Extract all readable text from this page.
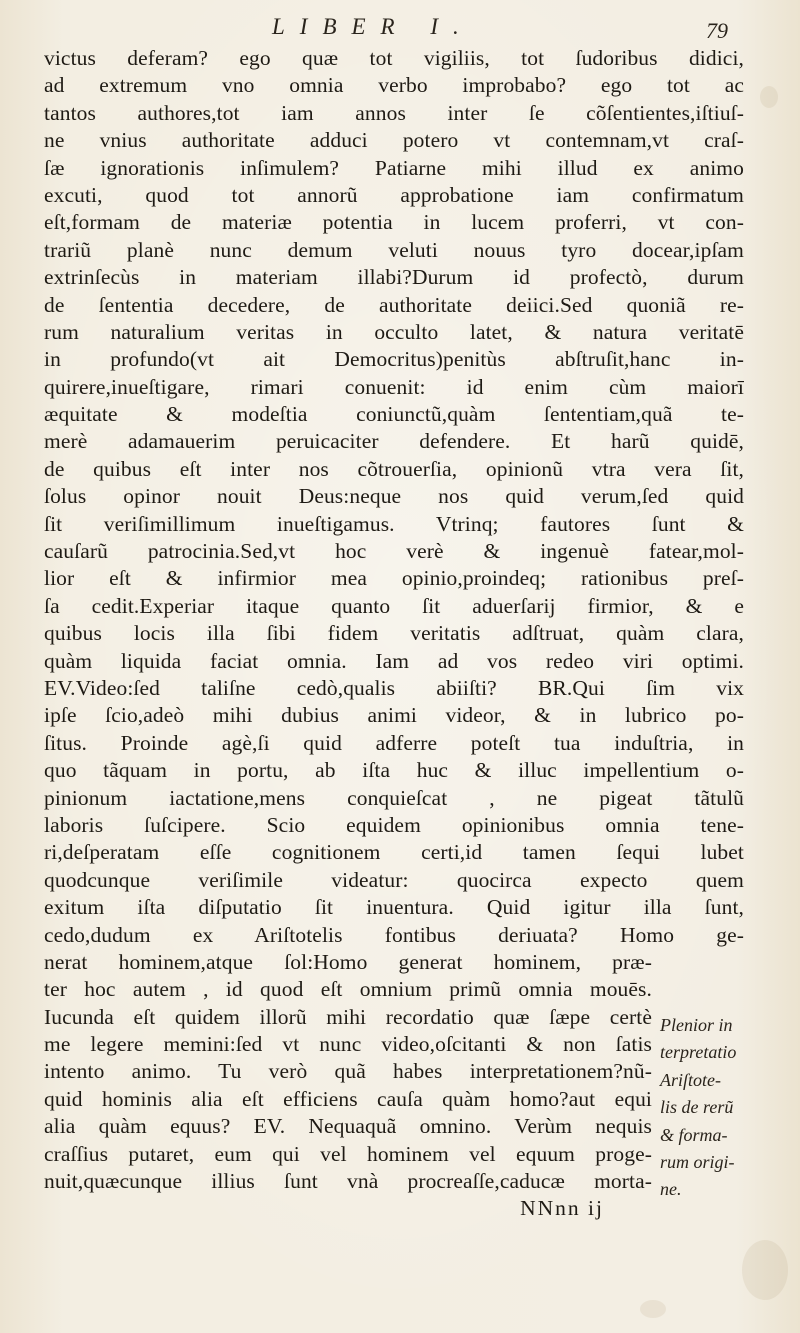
LIBER I.	79
victus deferam? ego quæ tot vigiliis, tot ſudoribus didici,
ad extremum vno omnia verbo improbabo? ego tot ac
tantos authores,tot iam annos inter ſe cõſentientes,iſtiuſ-
ne vnius authoritate adduci potero vt contemnam,vt craſ-
ſæ ignorationis inſimulem? Patiarne mihi illud ex animo
excuti, quod tot annorũ approbatione iam confirmatum
eſt,formam de materiæ potentia in lucem proferri, vt con-
trariũ planè nunc demum veluti nouus tyro docear,ipſam
extrinſecùs in materiam illabi?Durum id profectò, durum
de ſententia decedere, de authoritate deiici.Sed quoniã re-
rum naturalium veritas in occulto latet, & natura veritatē
in profundo(vt ait Democritus)penitùs abſtruſit,hanc in-
quirere,inueſtigare, rimari conuenit: id enim cùm maiorī
æquitate & modeſtia coniunctũ,quàm ſententiam,quã te-
merè adamauerim peruicaciter defendere. Et harũ quidē,
de quibus eſt inter nos cõtrouerſia, opinionũ vtra vera ſit,
ſolus opinor nouit Deus:neque nos quid verum,ſed quid
ſit veriſimillimum inueſtigamus. Vtrinq; fautores ſunt &
cauſarũ patrocinia.Sed,vt hoc verè & ingenuè fatear,mol-
lior eſt & infirmior mea opinio,proindeq; rationibus preſ-
ſa cedit.Experiar itaque quanto ſit aduerſarij firmior, & e
quibus locis illa ſibi fidem veritatis adſtruat, quàm clara,
quàm liquida faciat omnia. Iam ad vos redeo viri optimi.
EV.Video:ſed taliſne cedò,qualis abiiſti? BR.Qui ſim vix
ipſe ſcio,adeò mihi dubius animi videor, & in lubrico po-
ſitus. Proinde agè,ſi quid adferre poteſt tua induſtria, in
quo tãquam in portu, ab iſta huc & illuc impellentium o-
pinionum iactatione,mens conquieſcat , ne pigeat tãtulũ
laboris ſuſcipere. Scio equidem opinionibus omnia tene-
ri,deſperatam eſſe cognitionem certi,id tamen ſequi lubet
quodcunque veriſimile videatur: quocirca expecto quem
exitum iſta diſputatio ſit inuentura. Quid igitur illa ſunt,
cedo,dudum ex Ariſtotelis fontibus deriuata? Homo ge-
nerat hominem,atque ſol:Homo generat hominem, præ-
ter hoc autem , id quod eſt omnium primũ omnia mouēs.
Iucunda eſt quidem illorũ mihi recordatio quæ ſæpe certè
me legere memini:ſed vt nunc video,oſcitanti & non ſatis
intento animo. Tu verò quã habes interpretationem?nũ-
quid hominis alia eſt efficiens cauſa quàm homo?aut equi
alia quàm equus? EV. Nequaquã omnino. Verùm nequis
craſſius putaret, eum qui vel hominem vel equum proge-
nuit,quæcunque illius ſunt vnà procreaſſe,caducæ morta-
NNnn ij
Plenior in
terpretatio
Ariſtote-
lis de rerũ
& forma-
rum origi-
ne.
